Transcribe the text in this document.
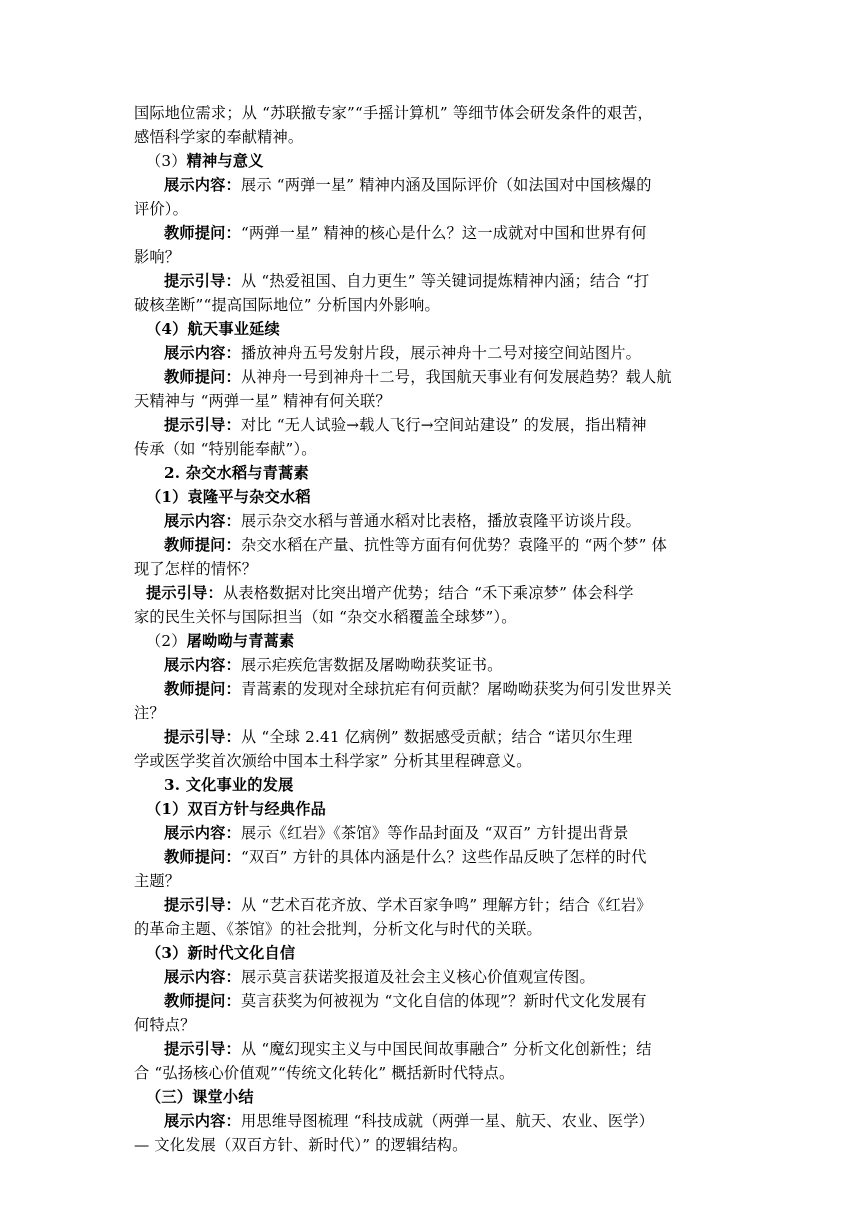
国际地位需求；从 “苏联撤专家”“手摇计算机” 等细节体会研发条件的艰苦，
感悟科学家的奉献精神。
（3）精神与意义
展示内容：展示 “两弹一星” 精神内涵及国际评价（如法国对中国核爆的
评价）。
教师提问：“两弹一星” 精神的核心是什么？这一成就对中国和世界有何
影响？
提示引导：从 “热爱祖国、自力更生” 等关键词提炼精神内涵；结合 “打
破核垄断”“提高国际地位” 分析国内外影响。
（4）航天事业延续
展示内容：播放神舟五号发射片段，展示神舟十二号对接空间站图片。
教师提问：从神舟一号到神舟十二号，我国航天事业有何发展趋势？载人航
天精神与 “两弹一星” 精神有何关联？
提示引导：对比 “无人试验→载人飞行→空间站建设” 的发展，指出精神
传承（如 “特别能奉献”）。
2. 杂交水稻与青蒿素
（1）袁隆平与杂交水稻
展示内容：展示杂交水稻与普通水稻对比表格，播放袁隆平访谈片段。
教师提问：杂交水稻在产量、抗性等方面有何优势？袁隆平的 “两个梦” 体
现了怎样的情怀？
提示引导：从表格数据对比突出增产优势；结合 “禾下乘凉梦” 体会科学
家的民生关怀与国际担当（如 “杂交水稻覆盖全球梦”）。
（2）屠呦呦与青蒿素
展示内容：展示疟疾危害数据及屠呦呦获奖证书。
教师提问：青蒿素的发现对全球抗疟有何贡献？屠呦呦获奖为何引发世界关
注？
提示引导：从 “全球 2.41 亿病例” 数据感受贡献；结合 “诺贝尔生理
学或医学奖首次颁给中国本土科学家” 分析其里程碑意义。
3. 文化事业的发展
（1）双百方针与经典作品
展示内容：展示《红岩》《茶馆》等作品封面及 “双百” 方针提出背景
教师提问：“双百” 方针的具体内涵是什么？这些作品反映了怎样的时代
主题？
提示引导：从 “艺术百花齐放、学术百家争鸣” 理解方针；结合《红岩》
的革命主题、《茶馆》的社会批判，分析文化与时代的关联。
（3）新时代文化自信
展示内容：展示莫言获诺奖报道及社会主义核心价值观宣传图。
教师提问：莫言获奖为何被视为 “文化自信的体现”？新时代文化发展有
何特点？
提示引导：从 “魔幻现实主义与中国民间故事融合” 分析文化创新性；结
合 “弘扬核心价值观”“传统文化转化” 概括新时代特点。
（三）课堂小结
展示内容：用思维导图梳理 “科技成就（两弹一星、航天、农业、医学）
— 文化发展（双百方针、新时代）” 的逻辑结构。
